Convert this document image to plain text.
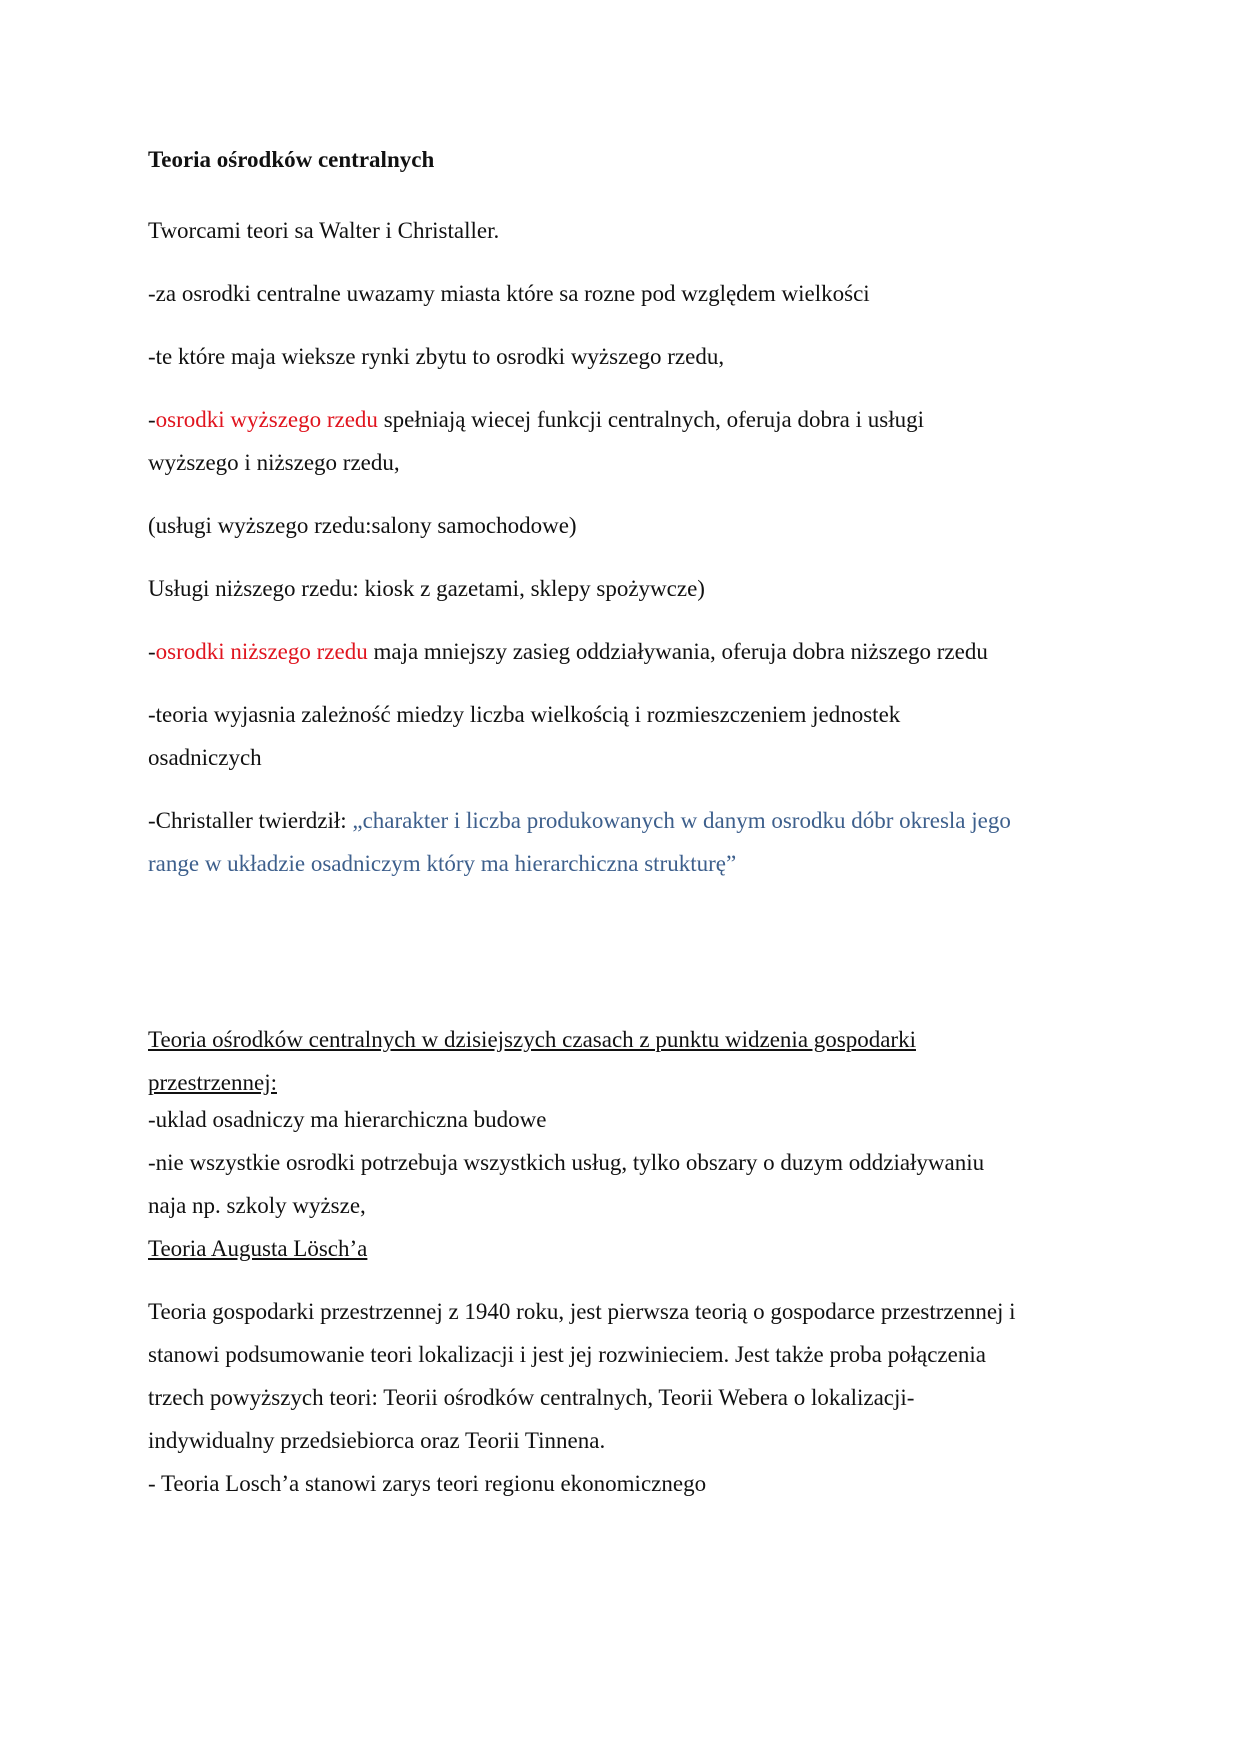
Teoria ośrodków centralnych

Tworcami teori sa Walter i Christaller.

-za osrodki centralne uwazamy miasta które sa rozne pod względem wielkości

-te które maja wieksze rynki zbytu to osrodki wyższego rzedu,

-osrodki wyższego rzedu spełniają wiecej funkcji centralnych, oferuja dobra i usługi

wyższego i niższego rzedu,

(usługi wyższego rzedu:salony samochodowe)

Usługi niższego rzedu: kiosk z gazetami, sklepy spożywcze)

-osrodki niższego rzedu maja mniejszy zasieg oddziaływania, oferuja dobra niższego rzedu

-teoria wyjasnia zależność miedzy liczba wielkością i rozmieszczeniem jednostek

osadniczych

-Christaller twierdził: „charakter i liczba produkowanych w danym osrodku dóbr okresla jego

range w układzie osadniczym który ma hierarchiczna strukturę”

Teoria ośrodków centralnych w dzisiejszych czasach z punktu widzenia gospodarki

przestrzennej:

-uklad osadniczy ma hierarchiczna budowe

-nie wszystkie osrodki potrzebuja wszystkich usług, tylko obszary o duzym oddziaływaniu

naja np. szkoly wyższe,

Teoria Augusta Lösch’a

Teoria gospodarki przestrzennej z 1940 roku, jest pierwsza teorią o gospodarce przestrzennej i

stanowi podsumowanie teori lokalizacji i jest jej rozwinieciem. Jest także proba połączenia

trzech powyższych teori: Teorii ośrodków centralnych, Teorii Webera o lokalizacji-

indywidualny przedsiebiorca oraz Teorii Tinnena.

- Teoria Losch’a stanowi zarys teori regionu ekonomicznego
